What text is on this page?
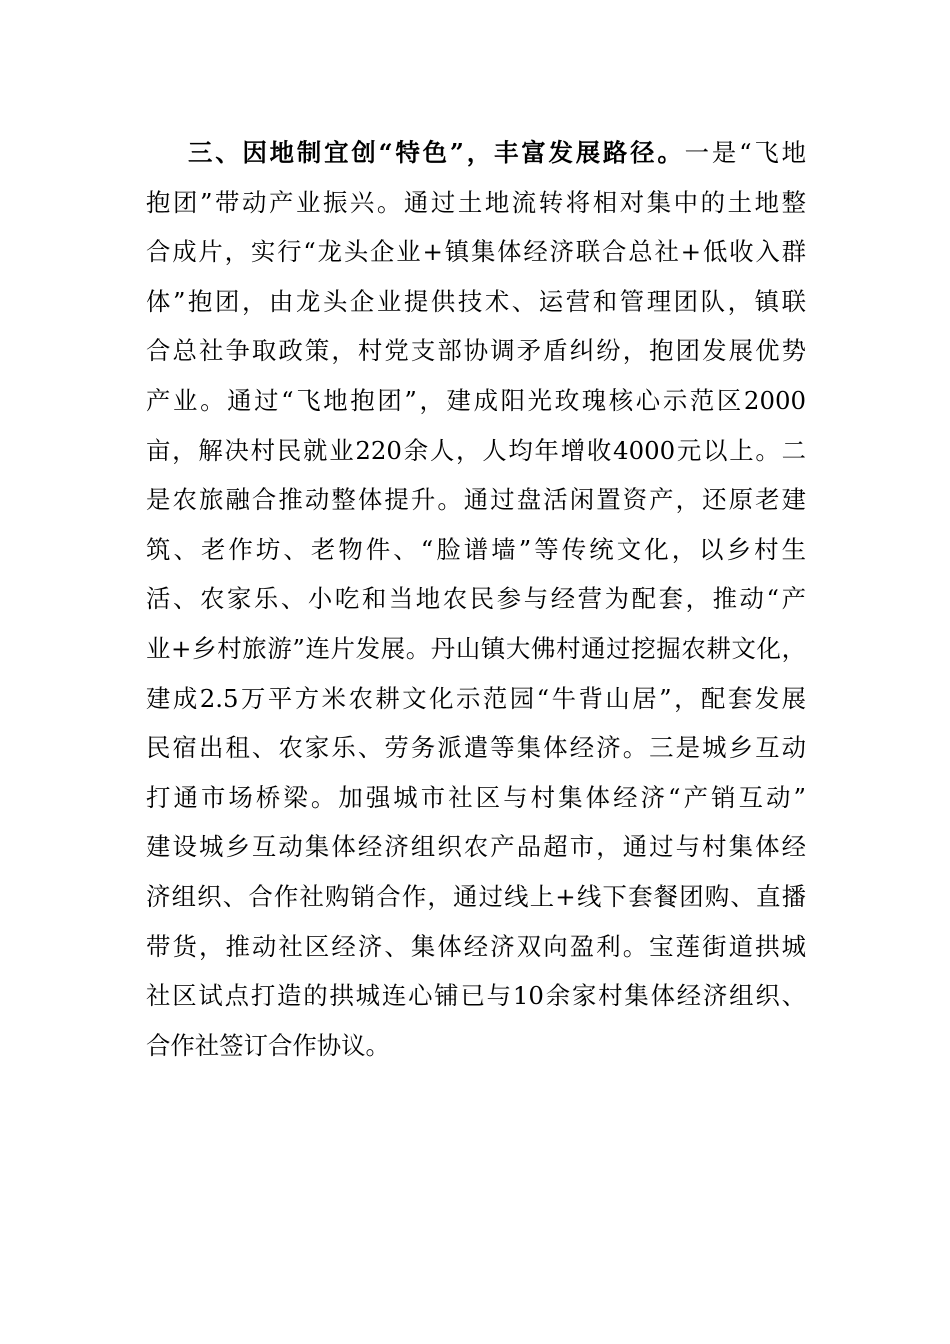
三、因地制宜创“特色”，丰富发展路径。一是“飞地
抱团”带动产业振兴。通过土地流转将相对集中的土地整
合成片，实行“龙头企业+镇集体经济联合总社+低收入群
体”抱团，由龙头企业提供技术、运营和管理团队，镇联
合总社争取政策，村党支部协调矛盾纠纷，抱团发展优势
产业。通过“飞地抱团”，建成阳光玫瑰核心示范区2000
亩，解决村民就业220余人，人均年增收4000元以上。二
是农旅融合推动整体提升。通过盘活闲置资产，还原老建
筑、老作坊、老物件、“脸谱墙”等传统文化，以乡村生
活、农家乐、小吃和当地农民参与经营为配套，推动“产
业+乡村旅游”连片发展。丹山镇大佛村通过挖掘农耕文化，
建成2.5万平方米农耕文化示范园“牛背山居”，配套发展
民宿出租、农家乐、劳务派遣等集体经济。三是城乡互动
打通市场桥梁。加强城市社区与村集体经济“产销互动”
建设城乡互动集体经济组织农产品超市，通过与村集体经
济组织、合作社购销合作，通过线上+线下套餐团购、直播
带货，推动社区经济、集体经济双向盈利。宝莲街道拱城
社区试点打造的拱城连心铺已与10余家村集体经济组织、
合作社签订合作协议。
